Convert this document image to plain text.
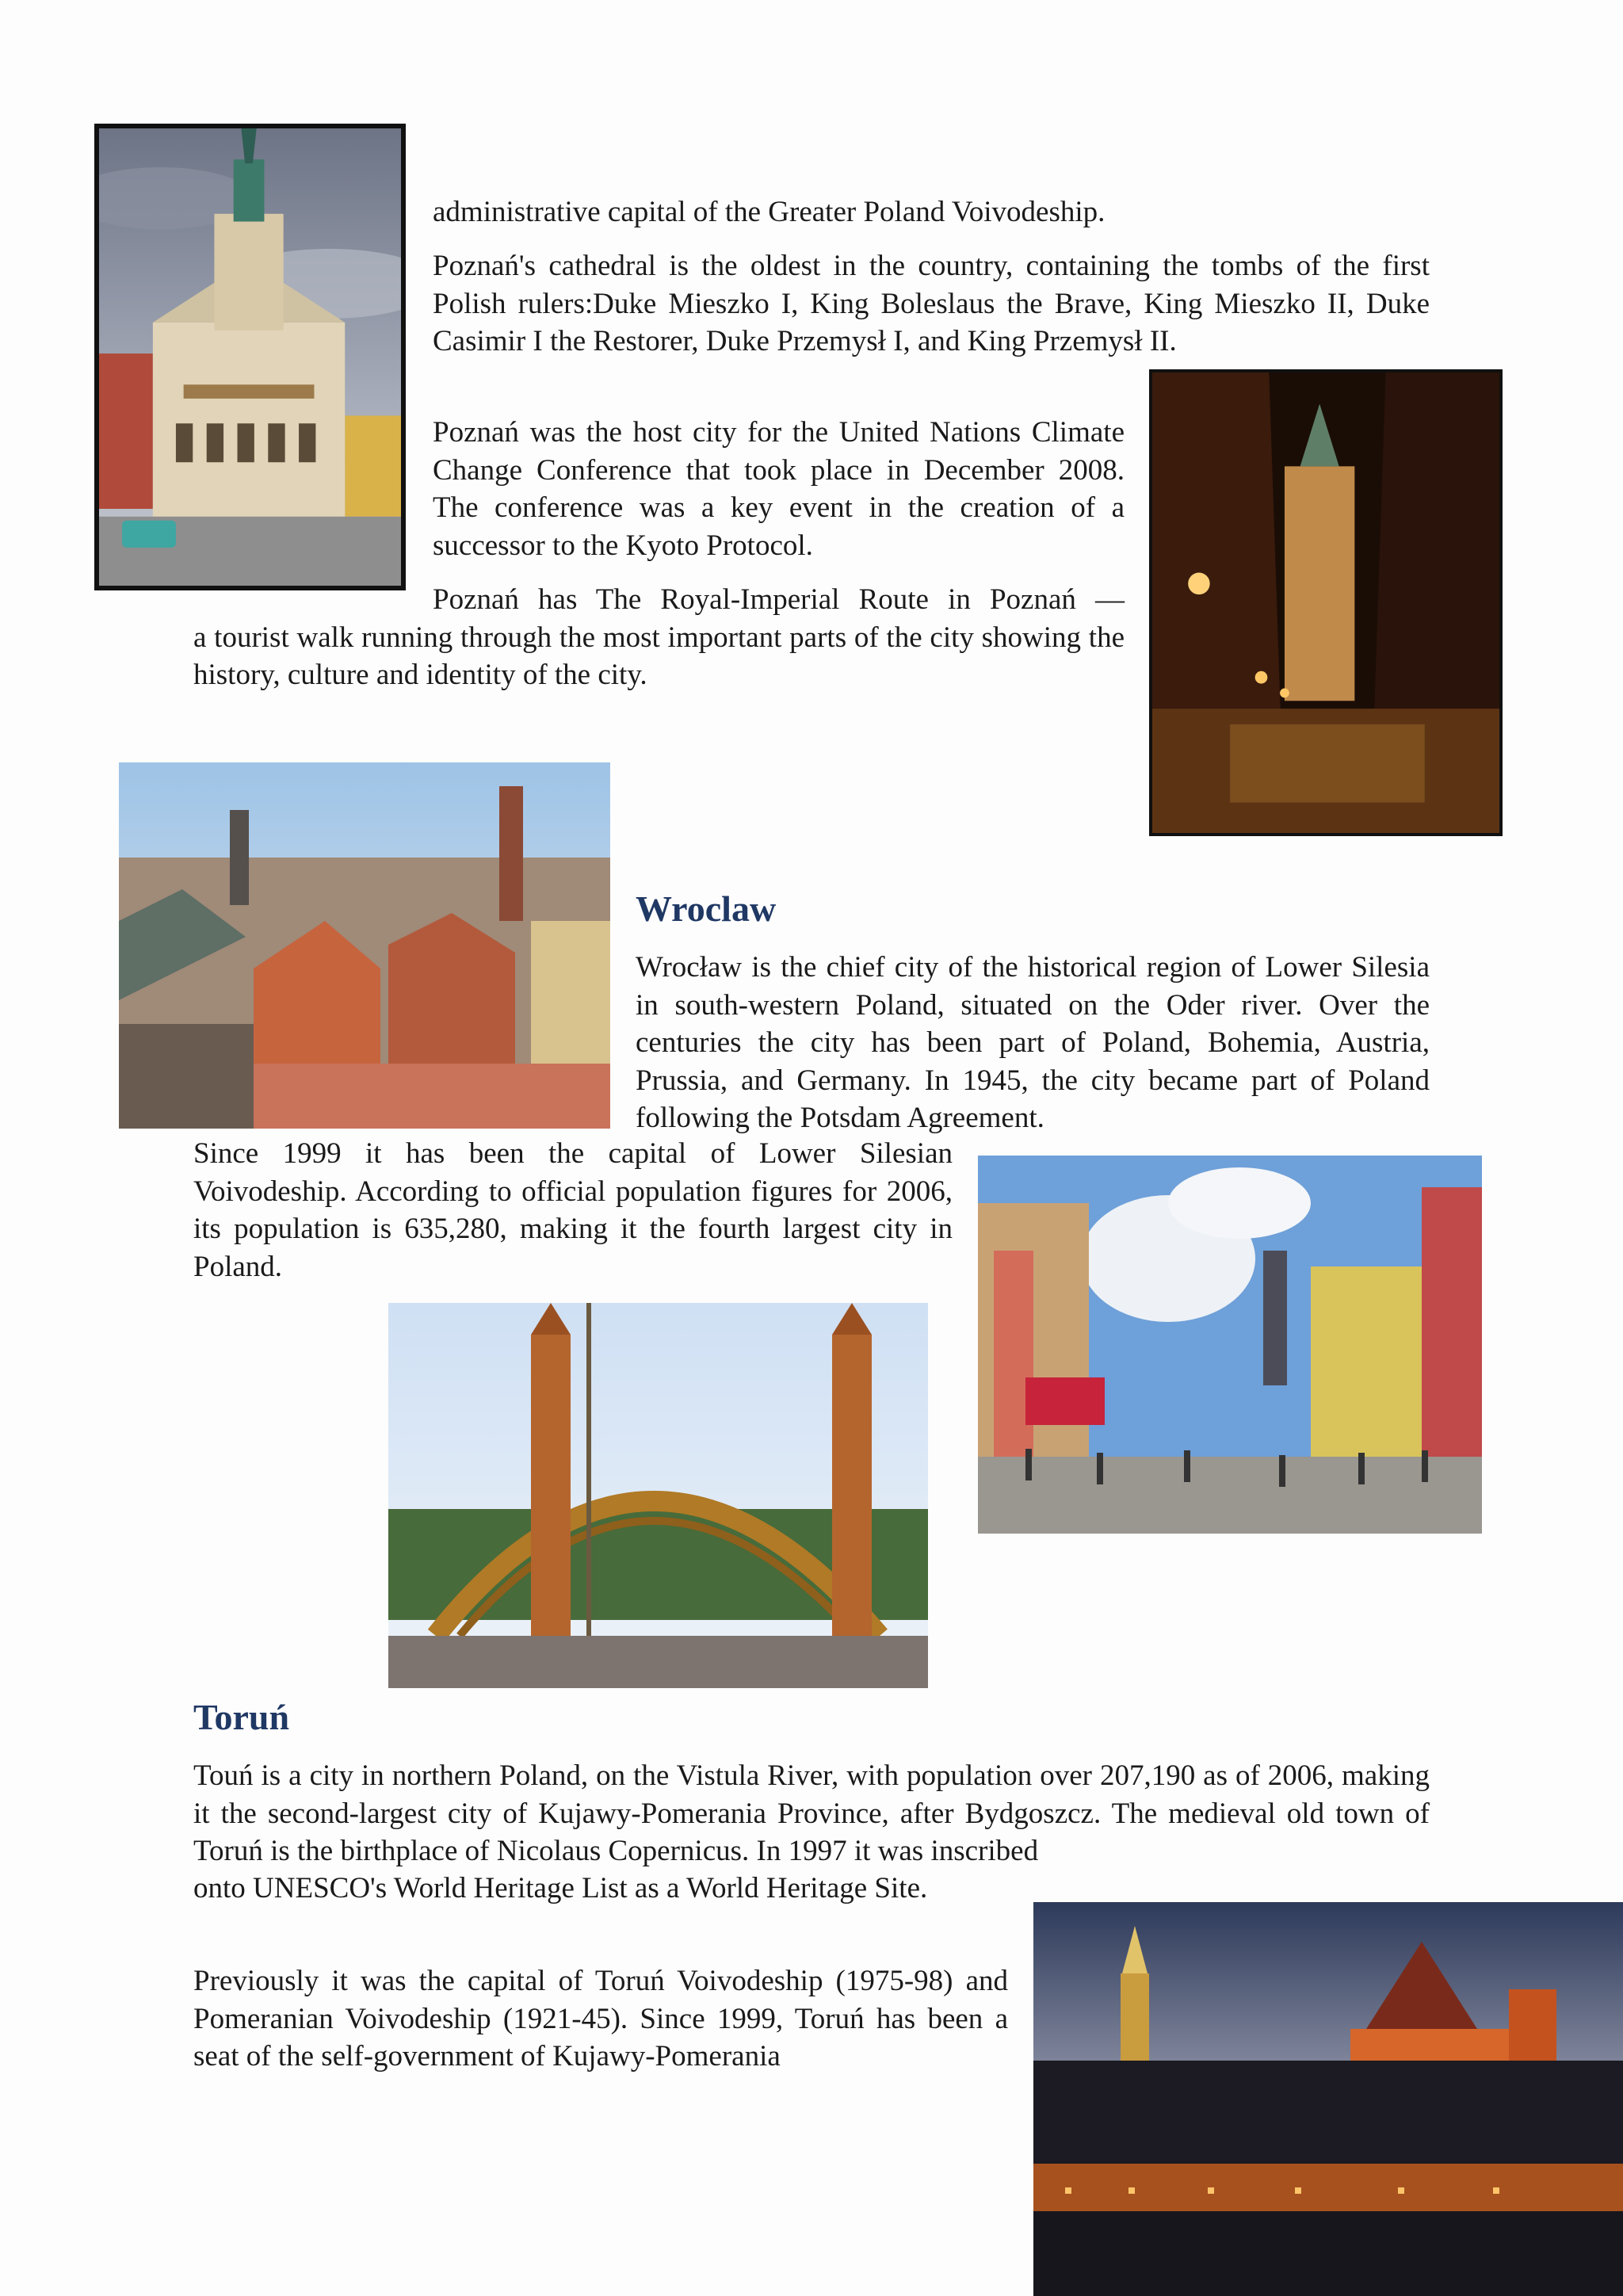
administrative capital of the Greater Poland Voivodeship.

Poznań's cathedral is the oldest in the country, containing the tombs of the first Polish rulers:Duke Mieszko I, King Boleslaus the Brave, King Mieszko II, Duke Casimir I the Restorer, Duke Przemysł I, and King Przemysł II.

Poznań was the host city for the United Nations Climate Change Conference that took place in December 2008. The conference was a key event in the creation of a successor to the Kyoto Protocol.

Poznań has The Royal-Imperial Route in Poznań —
a tourist walk running through the most important parts of the city showing the history, culture and identity of the city.
Wroclaw

Wrocław is the chief city of the historical region of Lower Silesia in south-western Poland, situated on the Oder river. Over the centuries the city has been part of Poland, Bohemia, Austria, Prussia, and Germany. In 1945, the city became part of Poland following the Potsdam Agreement.

Since 1999 it has been the capital of Lower Silesian Voivodeship. According to official population figures for 2006, its population is 635,280, making it the fourth largest city in Poland.

Toruń

Touń is a city in northern Poland, on the Vistula River, with population over 207,190 as of 2006, making it the second-largest city of Kujawy-Pomerania Province, after Bydgoszcz. The medieval old town of Toruń is the birthplace of Nicolaus Copernicus. In 1997 it was inscribed

onto UNESCO's World Heritage List as a World Heritage Site.

Previously it was the capital of Toruń Voivodeship (1975-98) and Pomeranian Voivodeship (1921-45). Since 1999, Toruń has been a seat of the self-government of Kujawy-Pomerania
